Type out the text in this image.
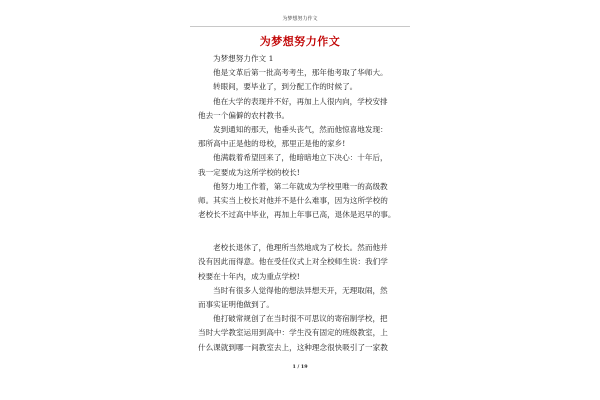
为梦想努力作文
为梦想努力作文
为梦想努力作文 1
他是文革后第一批高考考生，那年他考取了华师大。
转眼间，要毕业了，到分配工作的时候了。
他在大学的表现并不好，再加上人很内向，学校安排
他去一个偏僻的农村教书。
发到通知的那天，他垂头丧气，然而他惊喜地发现：
那所高中正是他的母校，那里正是他的家乡!
他满载着希望回来了，他暗暗地立下决心：十年后，
我一定要成为这所学校的校长!
他努力地工作着，第二年就成为学校里唯一的高级教
师。其实当上校长对他并不是什么难事，因为这所学校的
老校长不过高中毕业，再加上年事已高，退休是迟早的事。
老校长退休了，他理所当然地成为了校长。然而他并
没有因此而得意。他在受任仪式上对全校师生说：我们学
校要在十年内，成为重点学校!
当时有很多人觉得他的想法异想天开，无理取闹，然
而事实证明他做到了。
他打破常规创了在当时很不可思议的寄宿制学校，把
当时大学教室运用到高中：学生没有固定的班级教室，上
什么课就到哪一间教室去上，这种理念很快吸引了一家教
1 / 19
